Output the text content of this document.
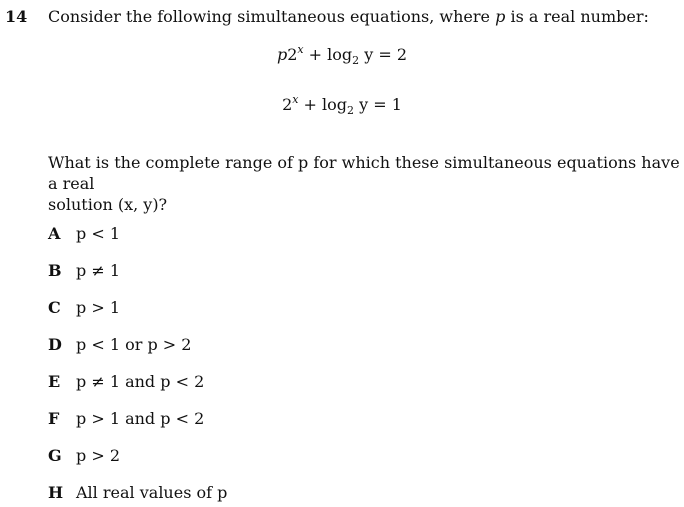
14 Consider the following simultaneous equations, where p is a real number:
$p2^x + \log_2 y = 2$
$2^x + \log_2 y = 1$
What is the complete range of p for which these simultaneous equations have a real
solution (x, y)?
A p < 1
B p ≠ 1
C p > 1
D p < 1 or p > 2
E p ≠ 1 and p < 2
F	p > 1 and p < 2
G p > 2
H All real values of p
